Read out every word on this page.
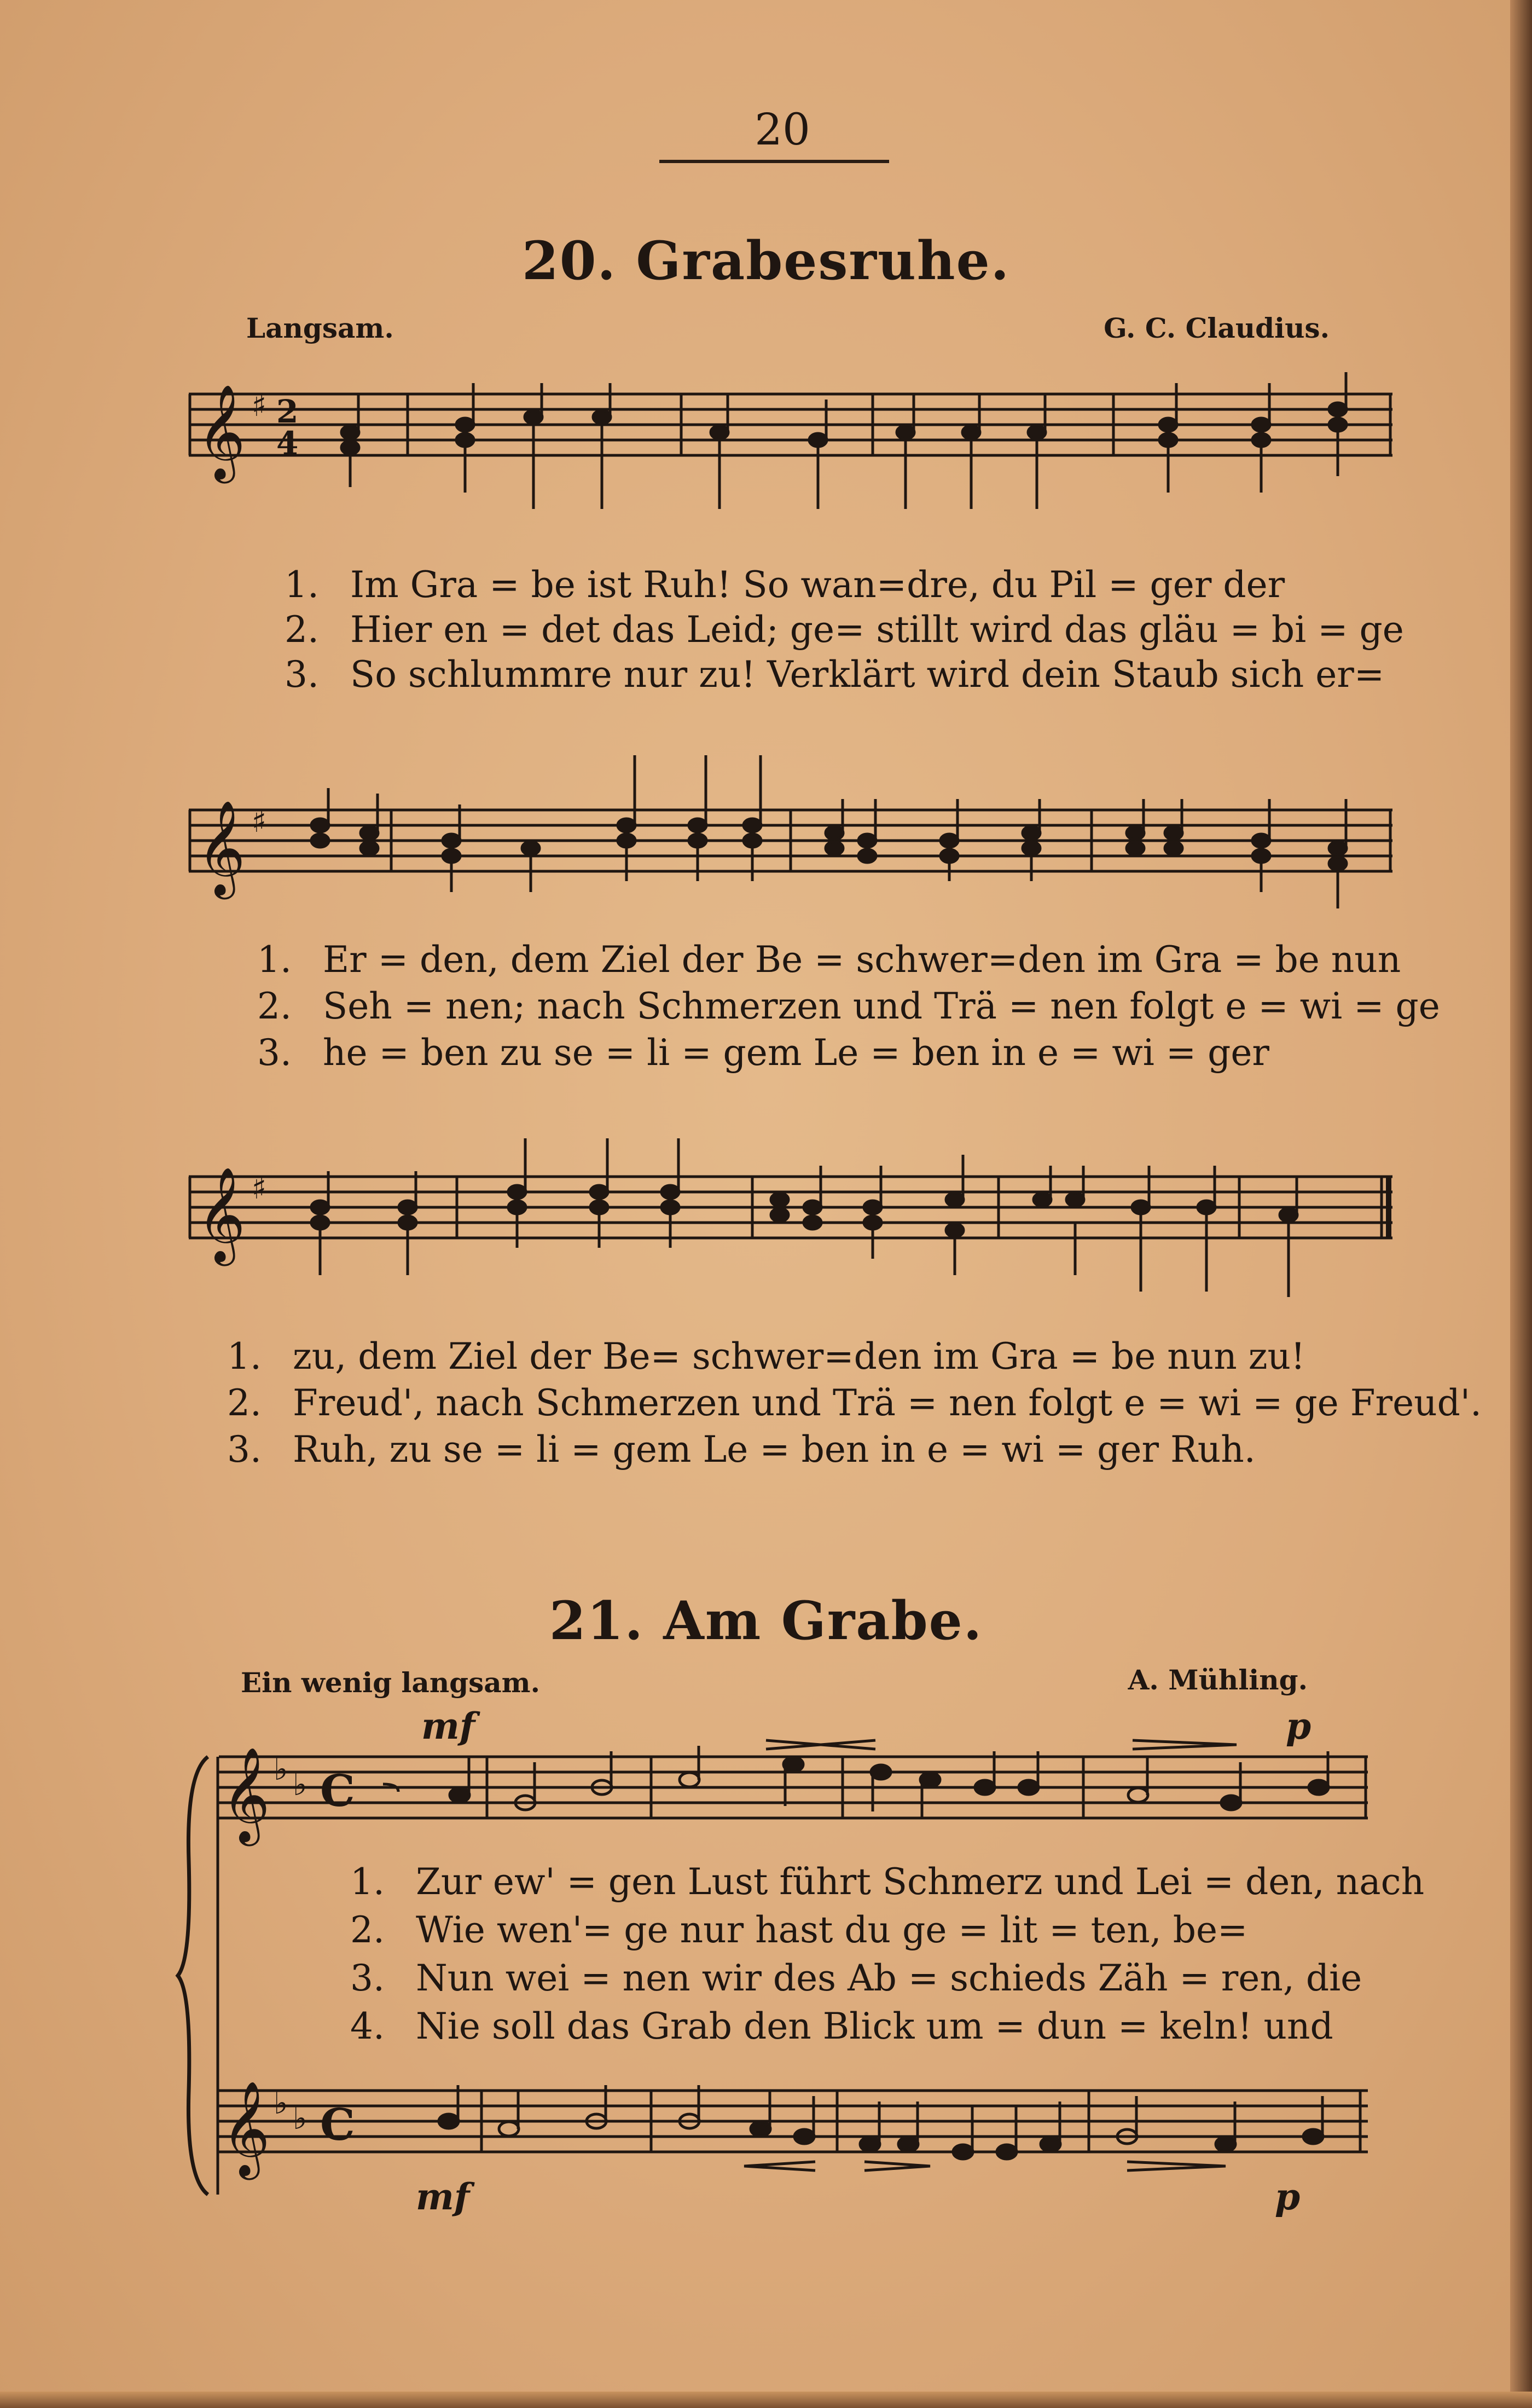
20
20. Grabesruhe.
Langsam.	G. C. Claudius.
𝄞 ♯ 2
4
1. Im Gra = be ist Ruh! So wan=dre, du Pil = ger der
2. Hier en = det das Leid; ge= stillt wird das gläu = bi = ge
3. So schlummre nur zu! Verklärt wird dein Staub sich er=
𝄞 ♯
1. Er = den, dem Ziel der Be = schwer=den im Gra = be nun
2. Seh = nen; nach Schmerzen und Trä = nen folgt e = wi = ge
3. he = ben zu se = li = gem Le = ben in e = wi = ger
𝄞 ♯
1. zu, dem Ziel der Be= schwer=den im Gra = be nun zu!
2. Freud', nach Schmerzen und Trä = nen folgt e = wi = ge Freud'.
3. Ruh, zu se = li = gem Le = ben in e = wi = ger Ruh.
21. Am Grabe.
Ein wenig langsam.	A. Mühling.
mf	p
𝄞 ♭ ♭ C
1. Zur ew' = gen Lust führt Schmerz und Lei = den, nach
2. Wie wen'= ge nur hast du ge = lit = ten, be=
3. Nun wei = nen wir des Ab = schieds Zäh = ren, die
4. Nie soll das Grab den Blick um = dun = keln! und
𝄞 ♭ ♭ C
mf	p
